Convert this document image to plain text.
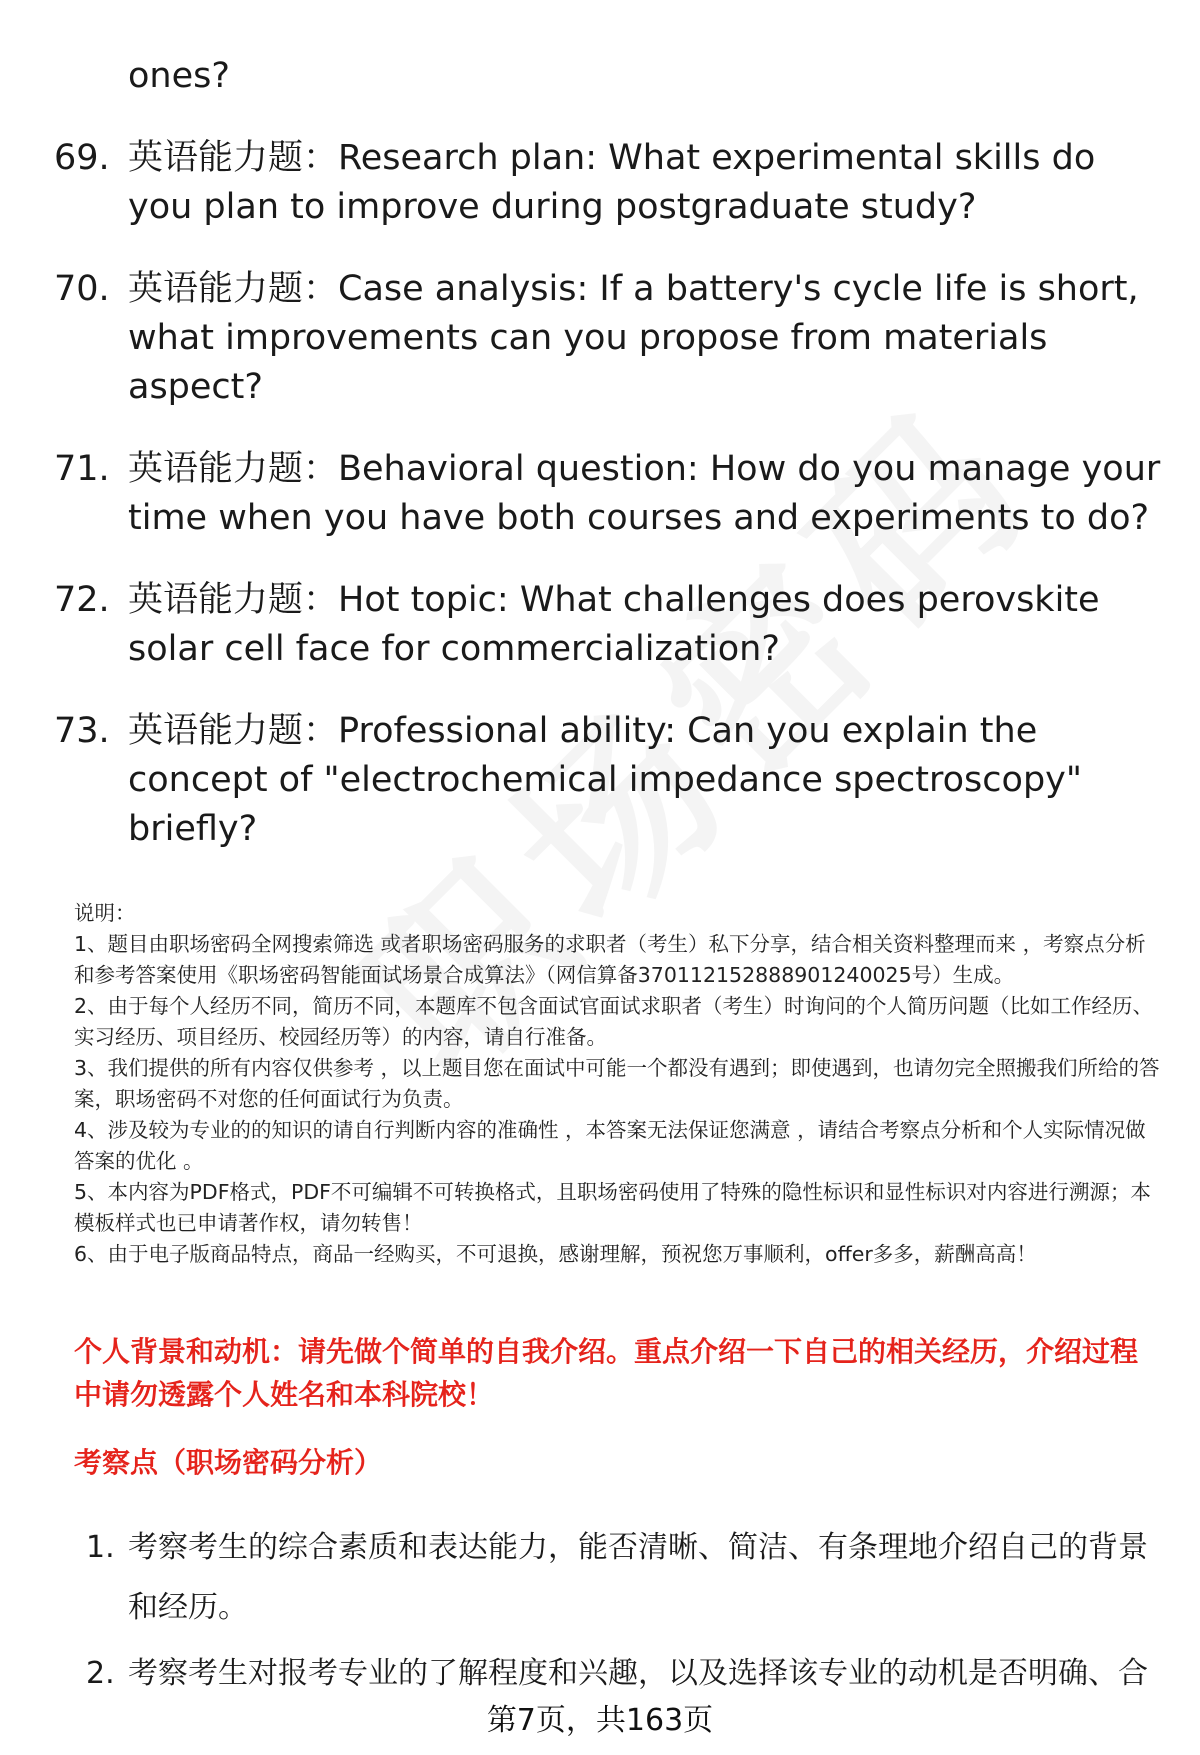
ones?
69. 英语能力题：Research plan: What experimental skills do you plan to improve during postgraduate study?
70. 英语能力题：Case analysis: If a battery's cycle life is short, what improvements can you propose from materials aspect?
71. 英语能力题：Behavioral question: How do you manage your time when you have both courses and experiments to do?
72. 英语能力题：Hot topic: What challenges does perovskite solar cell face for commercialization?
73. 英语能力题：Professional ability: Can you explain the concept of "electrochemical impedance spectroscopy" briefly?

说明：

1、题目由职场密码全网搜索筛选 或者职场密码服务的求职者（考生）私下分享，结合相关资料整理而来 ，考察点分析和参考答案使用《职场密码智能面试场景合成算法》（网信算备370112152888901240025号）生成。

2、由于每个人经历不同，简历不同，本题库不包含面试官面试求职者（考生）时询问的个人简历问题（比如工作经历、实习经历、项目经历、校园经历等）的内容，请自行准备。

3、我们提供的所有内容仅供参考 ，以上题目您在面试中可能一个都没有遇到；即使遇到，也请勿完全照搬我们所给的答案，职场密码不对您的任何面试行为负责。

4、涉及较为专业的的知识的请自行判断内容的准确性 ，本答案无法保证您满意 ，请结合考察点分析和个人实际情况做答案的优化 。

5、本内容为PDF格式，PDF不可编辑不可转换格式，且职场密码使用了特殊的隐性标识和显性标识对内容进行溯源；本模板样式也已申请著作权，请勿转售！

6、由于电子版商品特点，商品一经购买，不可退换，感谢理解，预祝您万事顺利，offer多多，薪酬高高！

个人背景和动机：请先做个简单的自我介绍。重点介绍一下自己的相关经历，介绍过程中请勿透露个人姓名和本科院校！
考察点（职场密码分析）
1. 考察考生的综合素质和表达能力，能否清晰、简洁、有条理地介绍自己的背景和经历。
2. 考察考生对报考专业的了解程度和兴趣，以及选择该专业的动机是否明确、合
第7页，共163页
